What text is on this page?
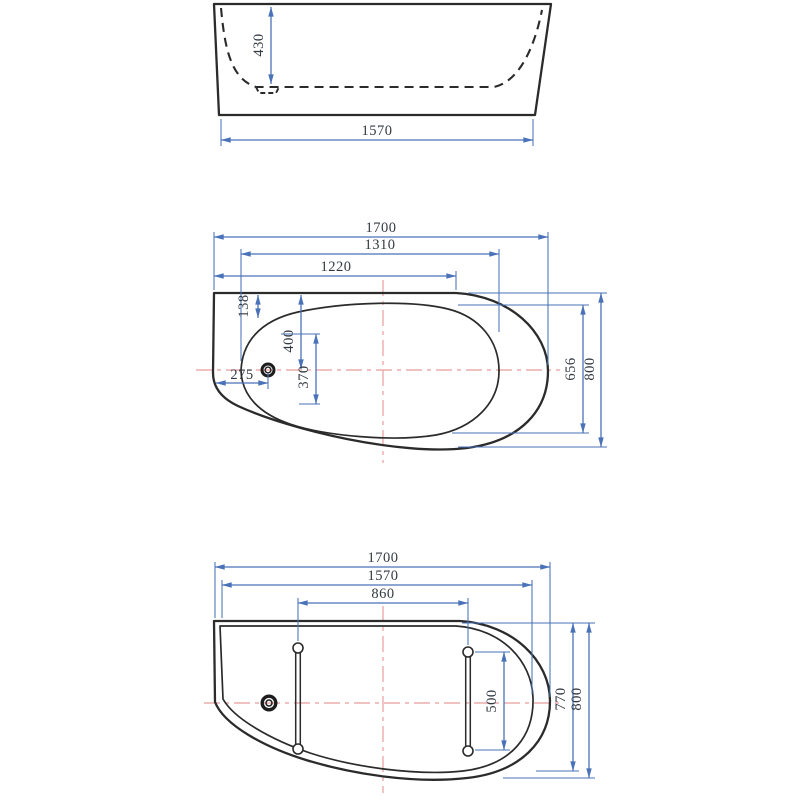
430
1570
1700
1310
1220
138
400
370
275	656 800
1700
1570
860
500	770 800
